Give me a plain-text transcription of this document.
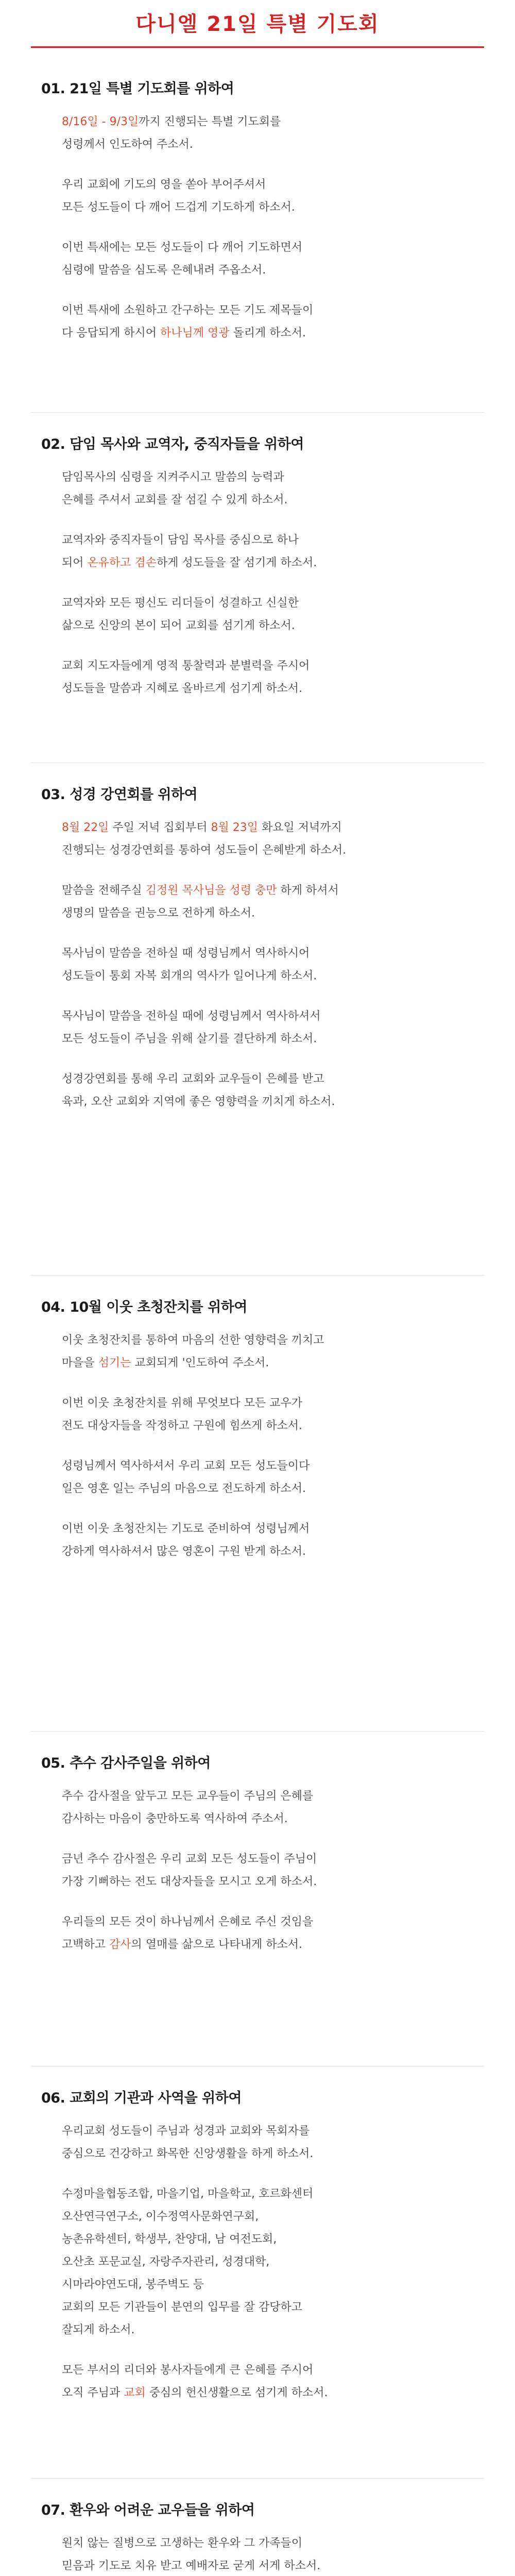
다니엘 21일 특별 기도회
01. 21일 특별 기도회를 위하여

8/16일 - 9/3일까지 진행되는 특별 기도회를
성령께서 인도하여 주소서.

우리 교회에 기도의 영을 쏟아 부어주셔서
모든 성도들이 다 깨어 드겁게 기도하게 하소서.

이번 특새에는 모든 성도들이 다 깨어 기도하면서
심령에 말씀을 심도록 은혜내려 주옵소서.

이번 특새에 소원하고 간구하는 모든 기도 제목들이
다 응답되게 하시어 하나님께 영광 돌리게 하소서.

02. 담임 목사와 교역자, 중직자들을 위하여

담임목사의 심령을 지켜주시고 말씀의 능력과
은혜를 주셔서 교회를 잘 섬길 수 있게 하소서.

교역자와 중직자들이 담임 목사를 중심으로 하나
되어 온유하고 겸손하게 성도들을 잘 섬기게 하소서.

교역자와 모든 평신도 리더들이 성결하고 신실한
삶으로 신앙의 본이 되어 교회를 섬기게 하소서.

교회 지도자들에게 영적 통찰력과 분별력을 주시어
성도들을 말씀과 지혜로 올바르게 섬기게 하소서.

03. 성경 강연회를 위하여

8월 22일 주일 저녁 집회부터 8월 23일 화요일 저녁까지
진행되는 성경강연회를 통하여 성도들이 은혜받게 하소서.

말씀을 전해주실 김정원 목사님을 성령 충만 하게 하셔서
생명의 말씀을 권능으로 전하게 하소서.

목사님이 말씀을 전하실 때 성령님께서 역사하시어
성도들이 통회 자복 회개의 역사가 일어나게 하소서.

목사님이 말씀을 전하실 때에 성령님께서 역사하셔서
모든 성도들이 주님을 위해 살기를 결단하게 하소서.

성경강연회를 통해 우리 교회와 교우들이 은혜를 받고
육과, 오산 교회와 지역에 좋은 영향력을 끼치게 하소서.

04. 10월 이웃 초청잔치를 위하여

이웃 초청잔치를 통하여 마음의 선한 영향력을 끼치고
마을을 섬기는 교회되게 '인도하여 주소서.

이번 이웃 초청잔치를 위해 무엇보다 모든 교우가
전도 대상자들을 작정하고 구원에 힘쓰게 하소서.

성령님께서 역사하셔서 우리 교회 모든 성도들이다
일은 영혼 일는 주님의 마음으로 전도하게 하소서.

이번 이웃 초청잔치는 기도로 준비하여 성령님께서
강하게 역사하셔서 많은 영혼이 구원 받게 하소서.

05. 추수 감사주일을 위하여

추수 감사절을 앞두고 모든 교우들이 주님의 은혜를
감사하는 마음이 충만하도록 역사하여 주소서.

금년 추수 감사절은 우리 교회 모든 성도들이 주님이
가장 기뻐하는 전도 대상자들을 모시고 오게 하소서.

우리들의 모든 것이 하나님께서 은혜로 주신 것임을
고백하고 감사의 열매를 삶으로 나타내게 하소서.

06. 교회의 기관과 사역을 위하여

우리교회 성도들이 주님과 성경과 교회와 목회자를
중심으로 건강하고 화목한 신앙생활을 하게 하소서.

수정마을협동조합, 마을기업, 마을학교, 호르화센터
오산연극연구소, 이수정역사문화연구회,
농촌유학센터, 학생부, 찬양대, 남 여전도회,
오산초 포문교실, 자랑주자관리, 성경대학,
시마라야연도대, 봉주벽도 등
교회의 모든 기관들이 분연의 입무를 잘 감당하고
잘되게 하소서.

모든 부서의 리더와 봉사자들에게 큰 은혜를 주시어
오직 주님과 교회 중심의 헌신생활으로 섬기게 하소서.

07. 환우와 어려운 교우들을 위하여

원치 않는 질병으로 고생하는 환우와 그 가족들이
믿음과 기도로 치유 받고 예배자로 굳게 서게 하소서.
